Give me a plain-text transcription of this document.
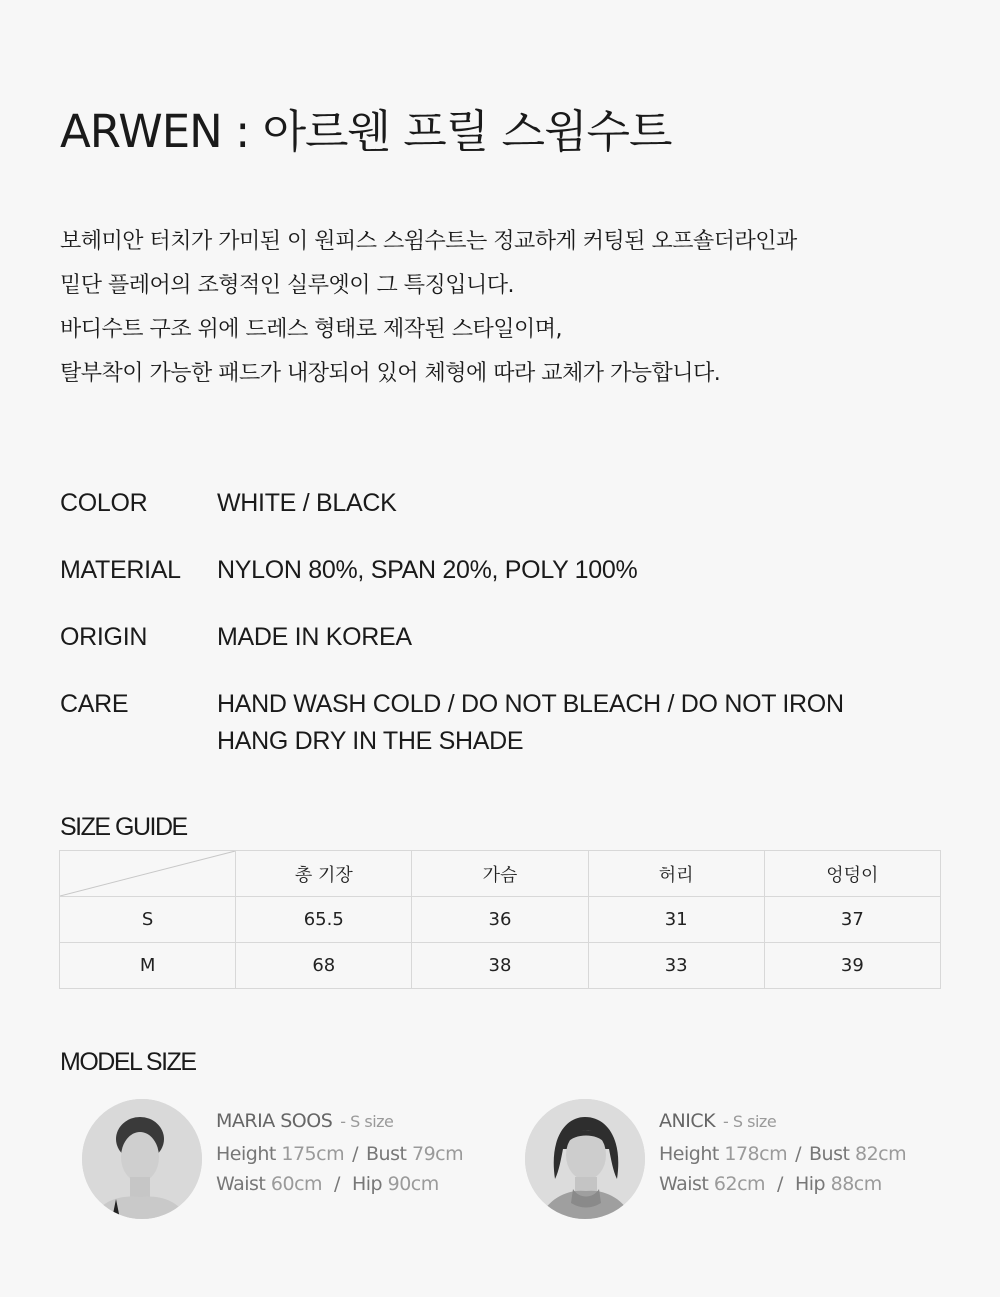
ARWEN : 아르웬 프릴 스윔수트
보헤미안 터치가 가미된 이 원피스 스윔수트는 정교하게 커팅된 오프숄더라인과
밑단 플레어의 조형적인 실루엣이 그 특징입니다.
바디수트 구조 위에 드레스 형태로 제작된 스타일이며,
탈부착이 가능한 패드가 내장되어 있어 체형에 따라 교체가 가능합니다.
COLOR	WHITE / BLACK
MATERIAL	NYLON 80%, SPAN 20%, POLY 100%
ORIGIN	MADE IN KOREA
CARE	HAND WASH COLD / DO NOT BLEACH / DO NOT IRON
HANG DRY IN THE SHADE
SIZE GUIDE
	총 기장	가슴	허리	엉덩이
S	65.5	36	31	37
M	68	38	33	39
MODEL SIZE
MARIA SOOS - S size
Height 175cm / Bust 79cm
Waist 60cm / Hip 90cm
ANICK - S size
Height 178cm / Bust 82cm
Waist 62cm / Hip 88cm
